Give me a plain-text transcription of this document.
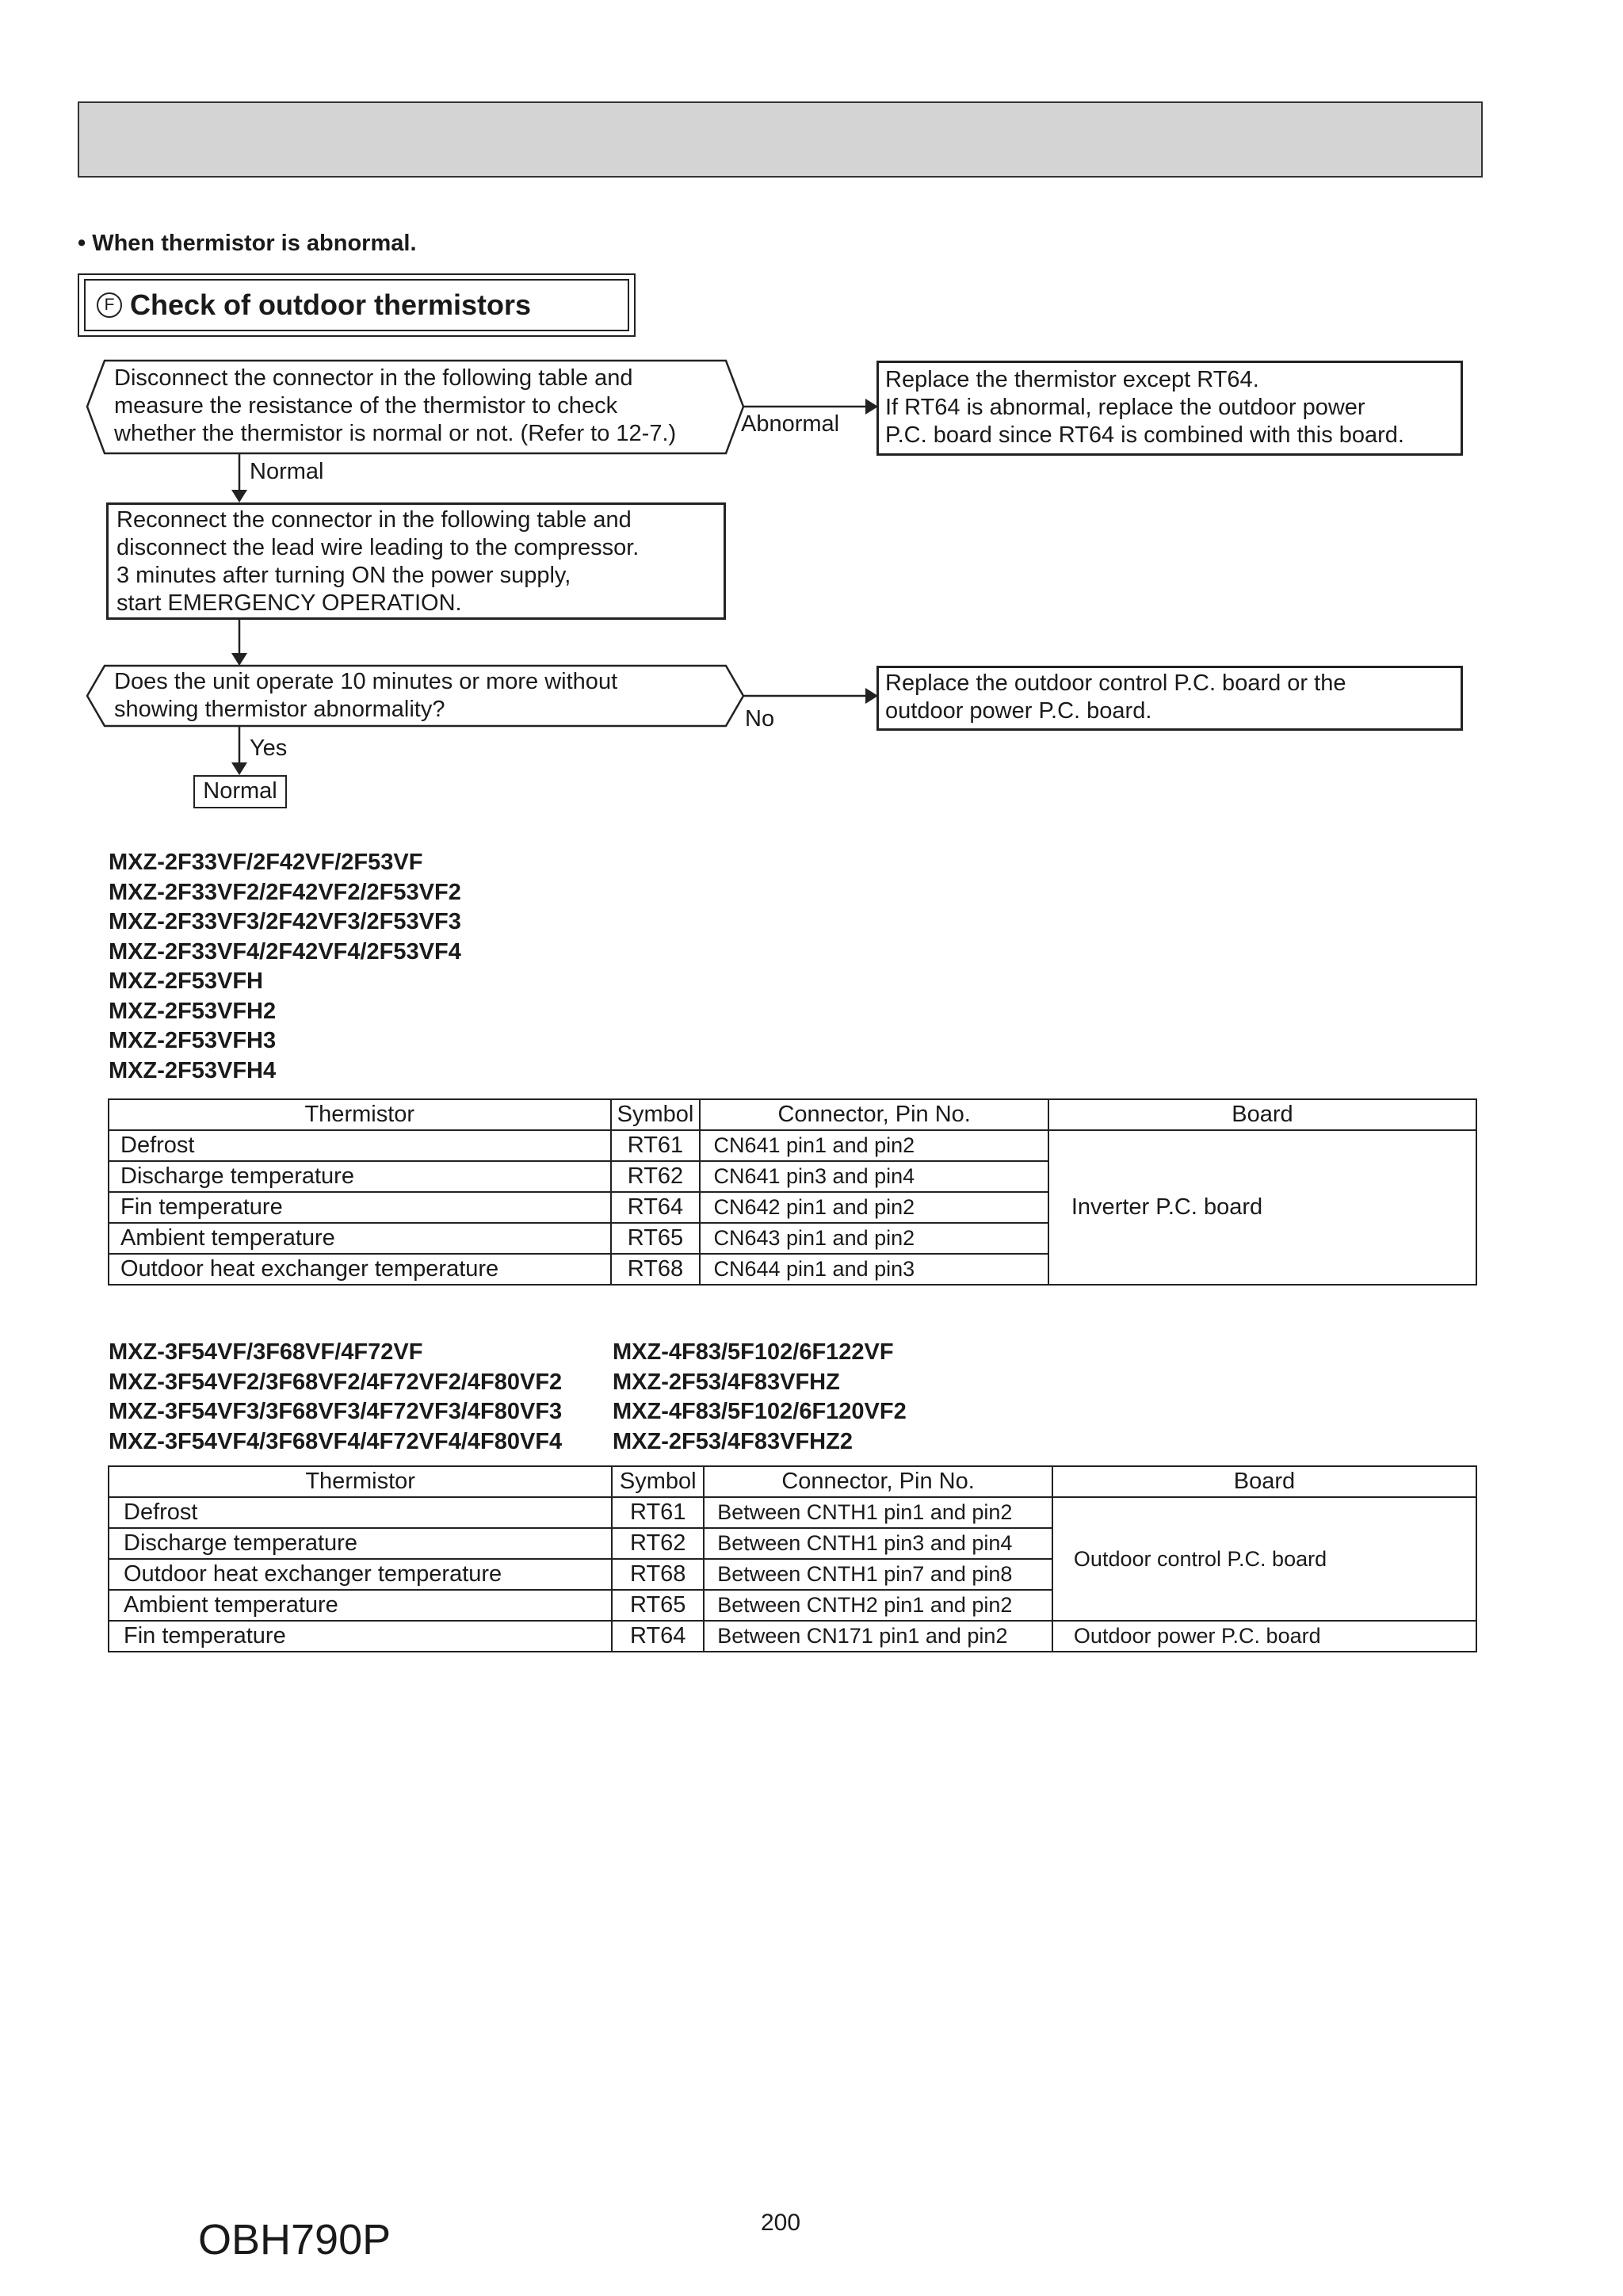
• When thermistor is abnormal.
F Check of outdoor thermistors
Disconnect the connector in the following table and
measure the resistance of the thermistor to check
whether the thermistor is normal or not. (Refer to 12-7.)	Abnormal
Replace the thermistor except RT64.
If RT64 is abnormal, replace the outdoor power
P.C. board since RT64 is combined with this board.
Normal
Reconnect the connector in the following table and
disconnect the lead wire leading to the compressor.
3 minutes after turning ON the power supply,
start EMERGENCY OPERATION.
Does the unit operate 10 minutes or more without
showing thermistor abnormality?	No
Replace the outdoor control P.C. board or the
outdoor power P.C. board.
Yes
Normal
MXZ-2F33VF/2F42VF/2F53VF
MXZ-2F33VF2/2F42VF2/2F53VF2
MXZ-2F33VF3/2F42VF3/2F53VF3
MXZ-2F33VF4/2F42VF4/2F53VF4
MXZ-2F53VFH
MXZ-2F53VFH2
MXZ-2F53VFH3
MXZ-2F53VFH4
Thermistor	Symbol	Connector, Pin No.	Board
Defrost	RT61	CN641 pin1 and pin2	Inverter P.C. board
Discharge temperature	RT62	CN641 pin3 and pin4	
Fin temperature	RT64	CN642 pin1 and pin2	
Ambient temperature	RT65	CN643 pin1 and pin2	
Outdoor heat exchanger temperature	RT68	CN644 pin1 and pin3	
MXZ-3F54VF/3F68VF/4F72VF
MXZ-3F54VF2/3F68VF2/4F72VF2/4F80VF2
MXZ-3F54VF3/3F68VF3/4F72VF3/4F80VF3
MXZ-3F54VF4/3F68VF4/4F72VF4/4F80VF4
MXZ-4F83/5F102/6F122VF
MXZ-2F53/4F83VFHZ
MXZ-4F83/5F102/6F120VF2
MXZ-2F53/4F83VFHZ2
Thermistor	Symbol	Connector, Pin No.	Board
Defrost	RT61	Between CNTH1 pin1 and pin2	Outdoor control P.C. board
Discharge temperature	RT62	Between CNTH1 pin3 and pin4	
Outdoor heat exchanger temperature	RT68	Between CNTH1 pin7 and pin8	
Ambient temperature	RT65	Between CNTH2 pin1 and pin2	
Fin temperature	RT64	Between CN171 pin1 and pin2	Outdoor power P.C. board
200
OBH790P
